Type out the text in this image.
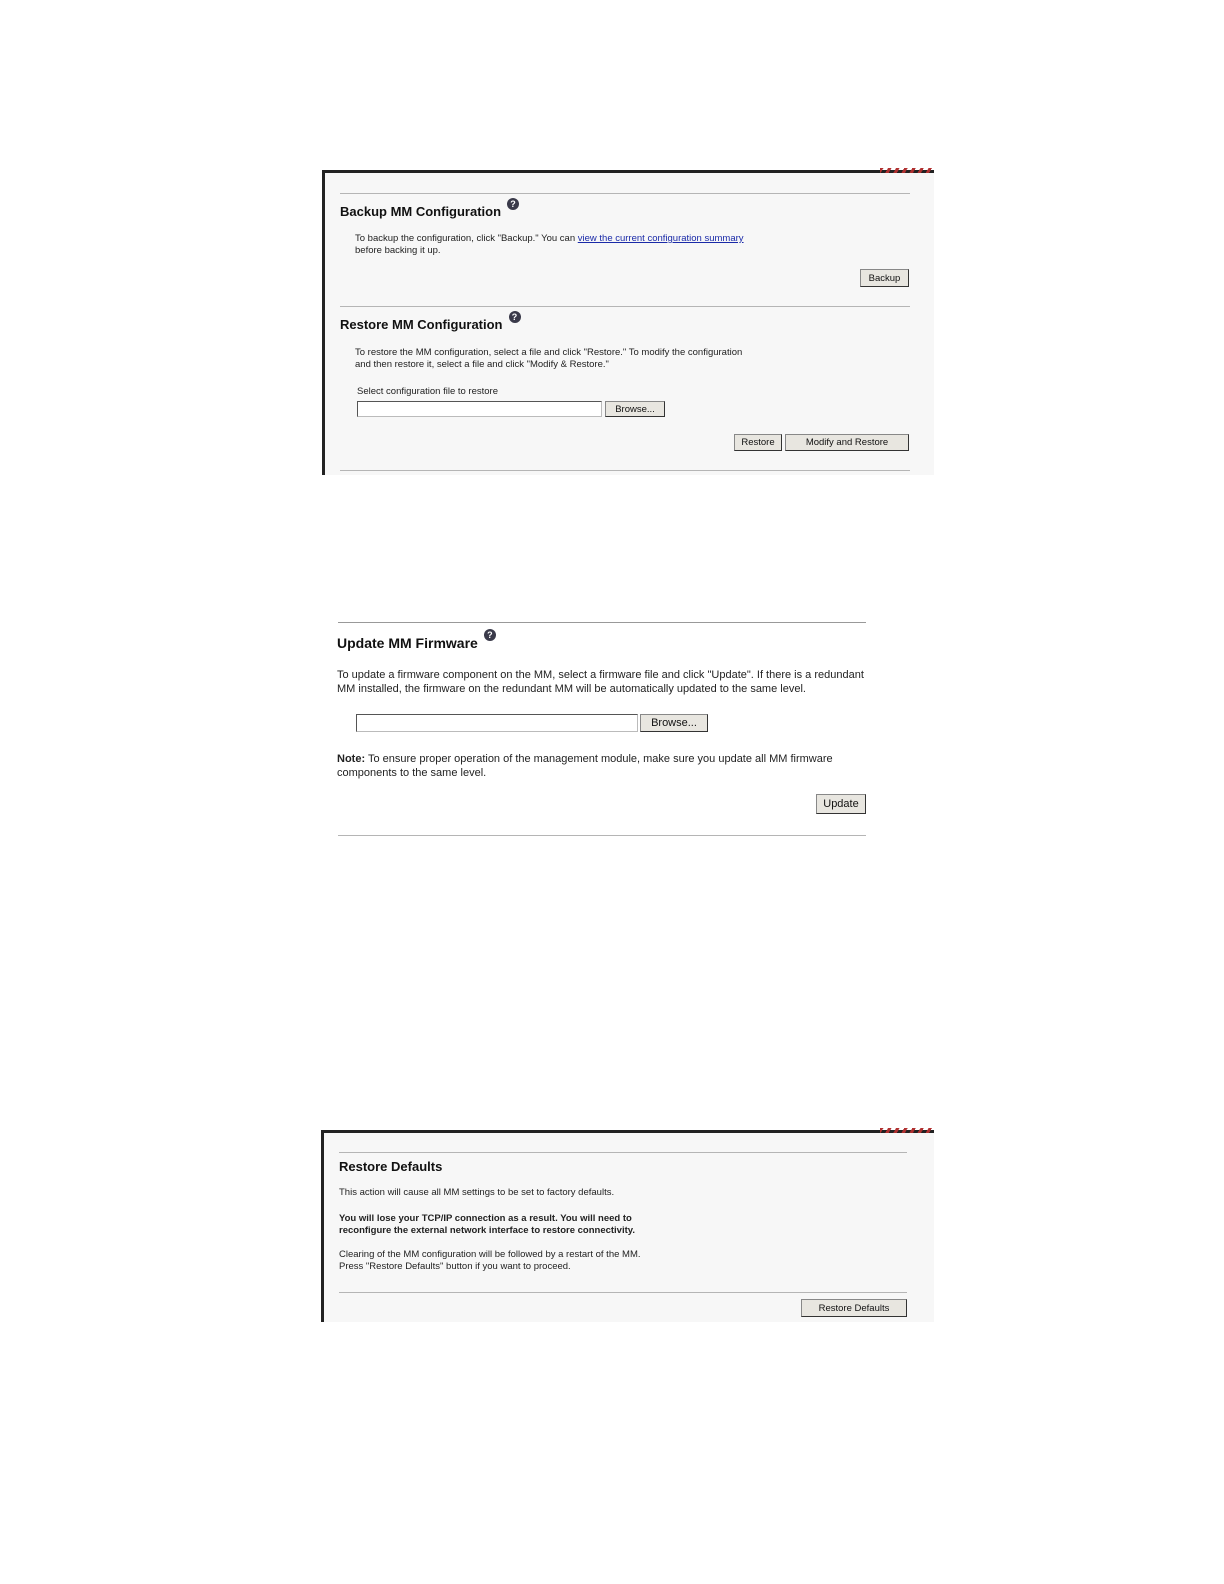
Backup MM Configuration ?
To backup the configuration, click "Backup." You can view the current configuration summary
before backing it up.
Backup
Restore MM Configuration ?
To restore the MM configuration, select a file and click "Restore." To modify the configuration
and then restore it, select a file and click "Modify & Restore."
Select configuration file to restore
Browse...
Restore	Modify and Restore
Update MM Firmware ?
To update a firmware component on the MM, select a firmware file and click "Update". If there is a redundant
MM installed, the firmware on the redundant MM will be automatically updated to the same level.
Browse...
Note: To ensure proper operation of the management module, make sure you update all MM firmware
components to the same level.
Update
Restore Defaults
This action will cause all MM settings to be set to factory defaults.
You will lose your TCP/IP connection as a result. You will need to
reconfigure the external network interface to restore connectivity.
Clearing of the MM configuration will be followed by a restart of the MM.
Press "Restore Defaults" button if you want to proceed.
Restore Defaults
